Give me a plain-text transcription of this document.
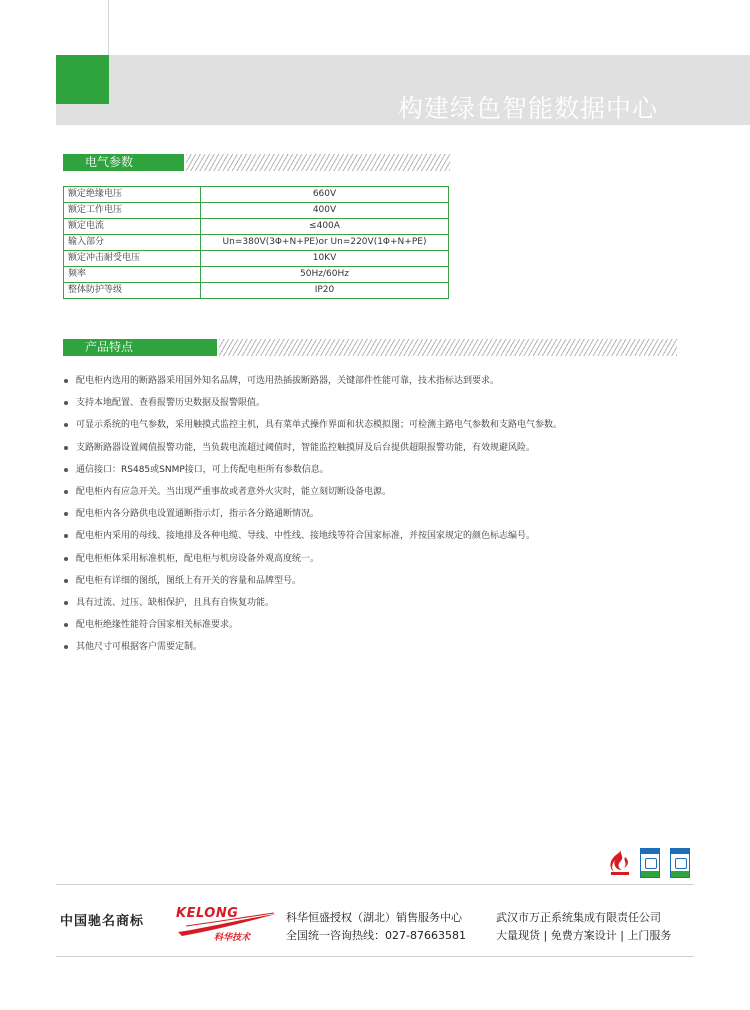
构建绿色智能数据中心
电气参数
额定绝缘电压	660V
额定工作电压	400V
额定电流	≤400A
输入部分	Un=380V(3Φ+N+PE)or Un=220V(1Φ+N+PE)
额定冲击耐受电压	10KV
频率	50Hz/60Hz
整体防护等级	IP20
产品特点
配电柜内选用的断路器采用国外知名品牌，可选用热插拔断路器，关键部件性能可靠，技术指标达到要求。
支持本地配置、查看报警历史数据及报警限值。
可显示系统的电气参数，采用触摸式监控主机，具有菜单式操作界面和状态模拟图；可检测主路电气参数和支路电气参数。
支路断路器设置阈值报警功能，当负载电流超过阈值时，智能监控触摸屏及后台提供超限报警功能，有效规避风险。
通信接口：RS485或SNMP接口，可上传配电柜所有参数信息。
配电柜内有应急开关。当出现严重事故或者意外火灾时，能立刻切断设备电源。
配电柜内各分路供电设置通断指示灯，指示各分路通断情况。
配电柜内采用的母线、接地排及各种电缆、导线、中性线、接地线等符合国家标准，并按国家规定的颜色标志编号。
配电柜柜体采用标准机柜，配电柜与机房设备外观高度统一。
配电柜有详细的图纸，图纸上有开关的容量和品牌型号。
具有过流、过压、缺相保护，且具有自恢复功能。
配电柜绝缘性能符合国家相关标准要求。
其他尺寸可根据客户需要定制。
中国驰名商标
KELONG
科华技术
科华恒盛授权（湖北）销售服务中心
全国统一咨询热线：027-87663581
武汉市万正系统集成有限责任公司
大量现货 | 免费方案设计 | 上门服务
